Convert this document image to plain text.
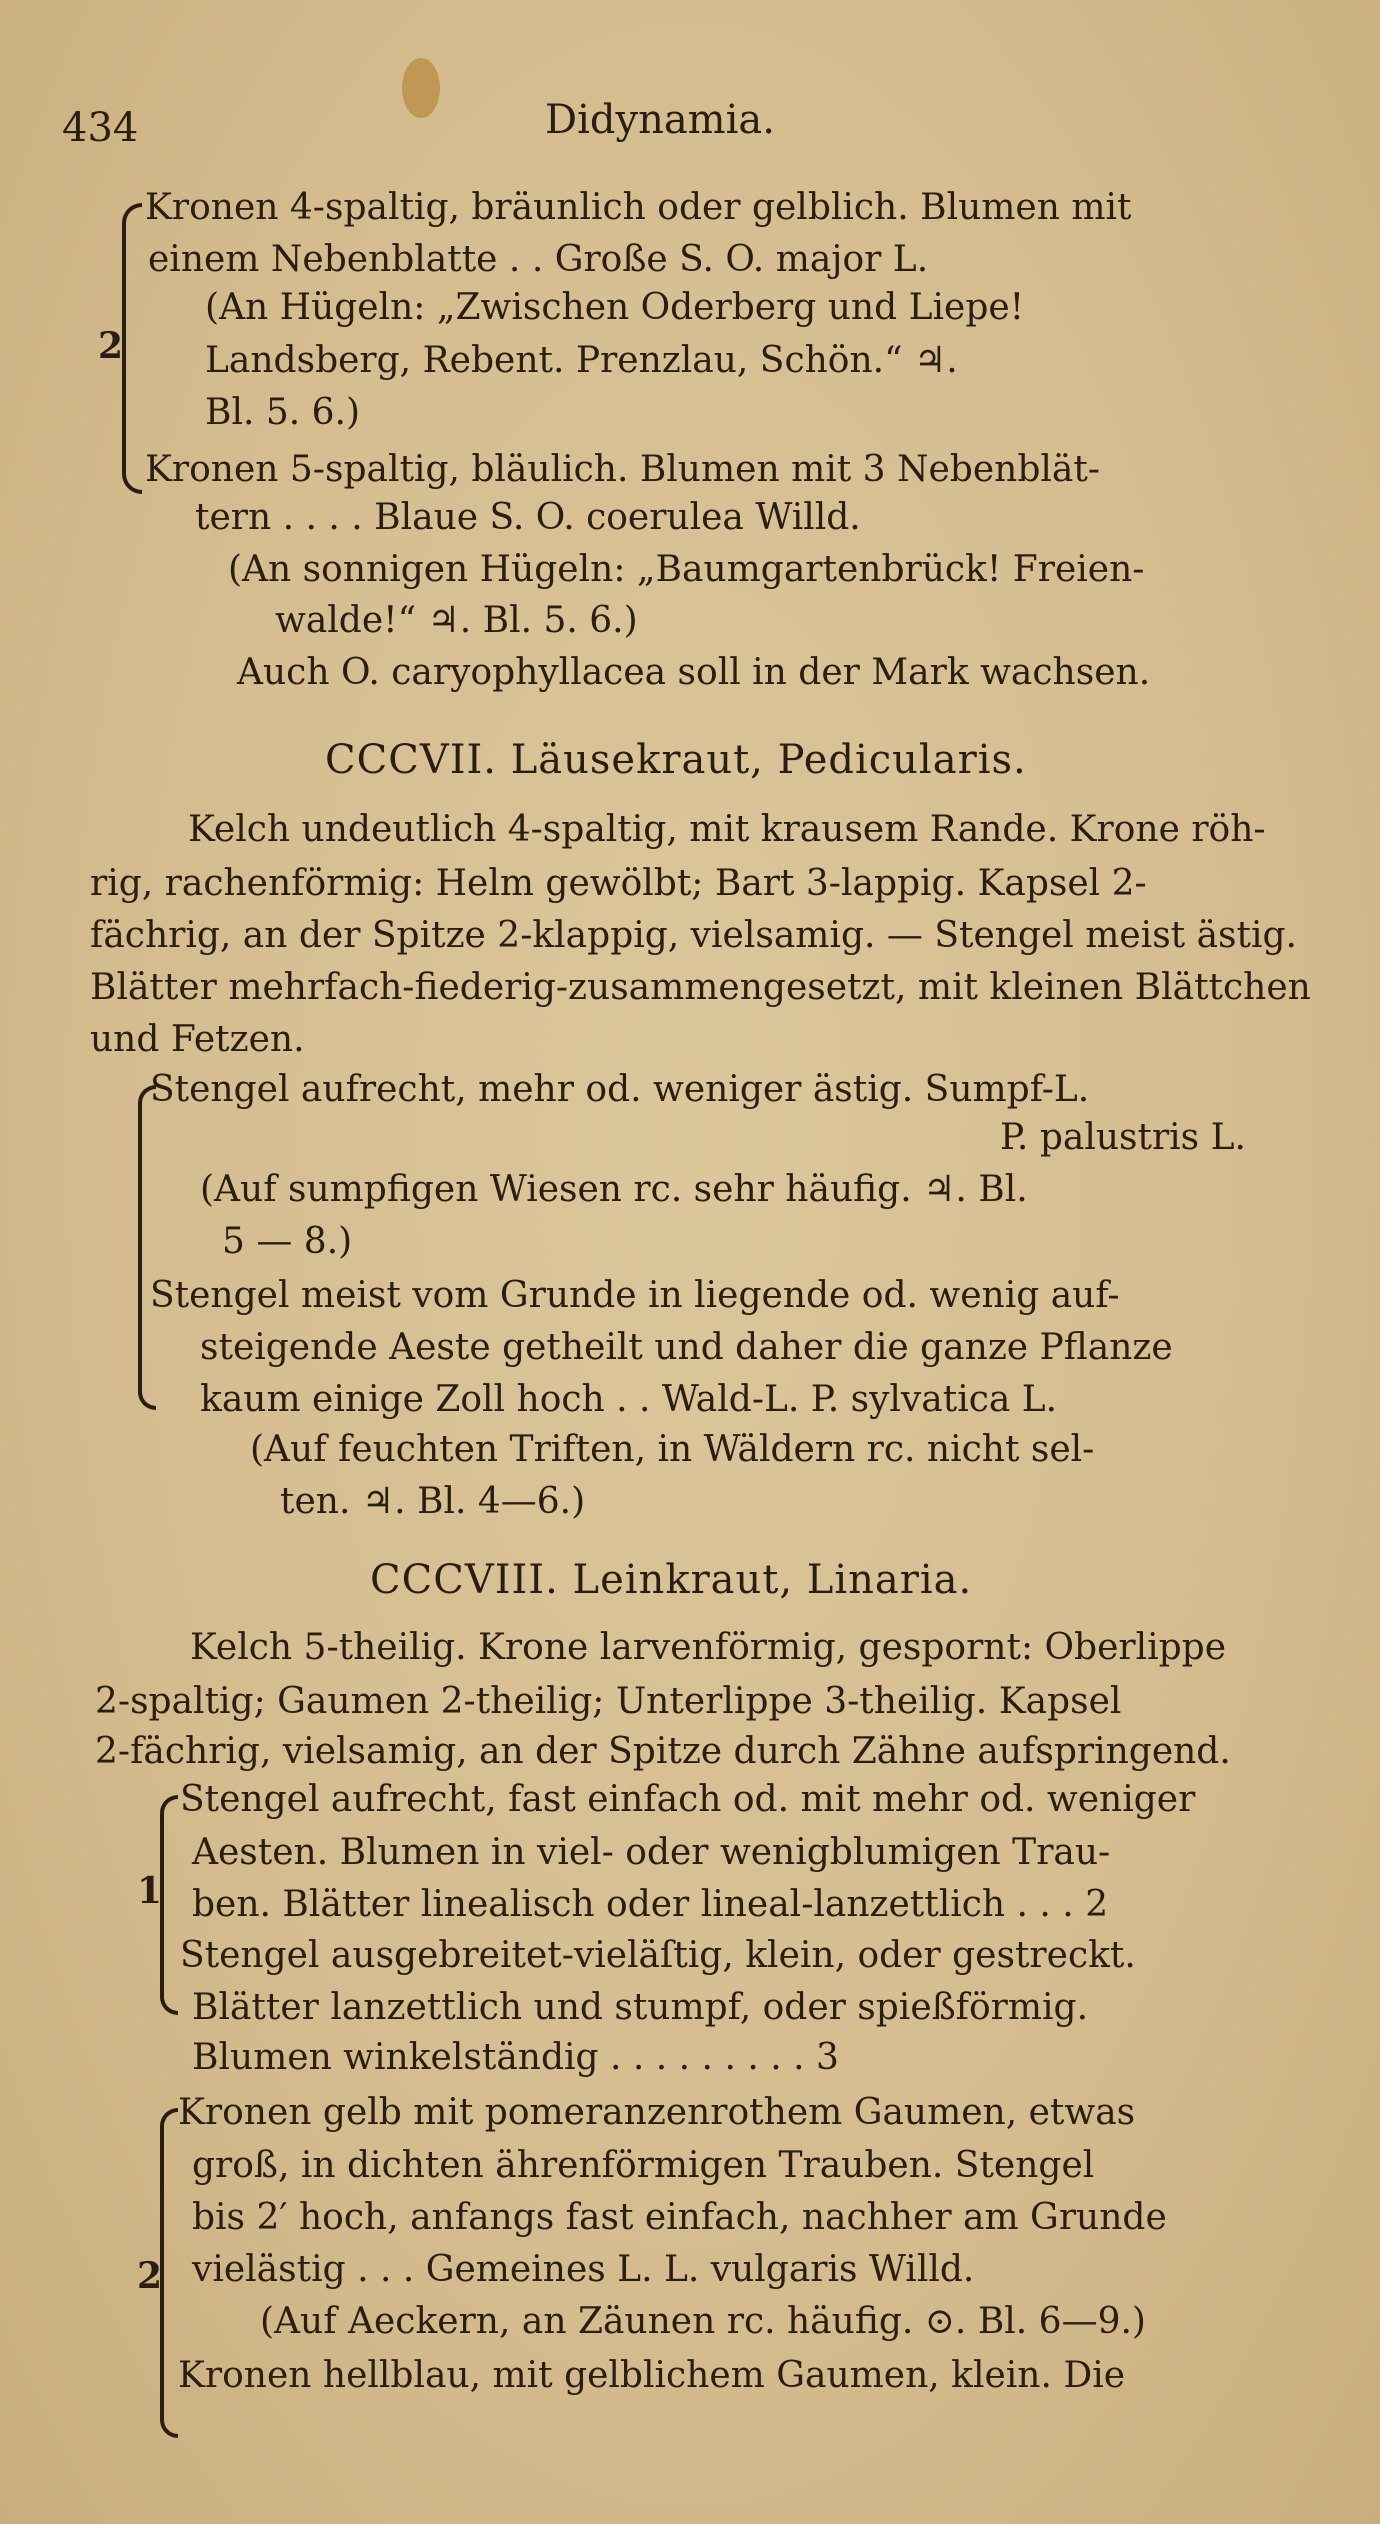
434	Didynamia.
2
Kronen 4-spaltig, bräunlich oder gelblich. Blumen mit
einem Nebenblatte . . Große S. O. major L.
(An Hügeln: „Zwischen Oderberg und Liepe!
Landsberg, Rebent. Prenzlau, Schön.“ ♃.
Bl. 5. 6.)
Kronen 5-spaltig, bläulich. Blumen mit 3 Nebenblät-
tern . . . . Blaue S. O. coerulea Willd.
(An sonnigen Hügeln: „Baumgartenbrück! Freien-
walde!“ ♃. Bl. 5. 6.)
Auch O. caryophyllacea soll in der Mark wachsen.
CCCVII. Läusekraut, Pedicularis.
Kelch undeutlich 4-spaltig, mit krausem Rande. Krone röh-
rig, rachenförmig: Helm gewölbt; Bart 3-lappig. Kapsel 2-
fächrig, an der Spitze 2-klappig, vielsamig. — Stengel meist ästig.
Blätter mehrfach-fiederig-zusammengesetzt, mit kleinen Blättchen
und Fetzen.
Stengel aufrecht, mehr od. weniger ästig. Sumpf-L.
P. palustris L.
(Auf sumpfigen Wiesen rc. sehr häufig. ♃. Bl.
5 — 8.)
Stengel meist vom Grunde in liegende od. wenig auf-
steigende Aeste getheilt und daher die ganze Pflanze
kaum einige Zoll hoch . . Wald-L. P. sylvatica L.
(Auf feuchten Triften, in Wäldern rc. nicht sel-
ten. ♃. Bl. 4—6.)
CCCVIII. Leinkraut, Linaria.
Kelch 5-theilig. Krone larvenförmig, gespornt: Oberlippe
2-spaltig; Gaumen 2-theilig; Unterlippe 3-theilig. Kapsel
2-fächrig, vielsamig, an der Spitze durch Zähne aufspringend.
1
Stengel aufrecht, fast einfach od. mit mehr od. weniger
Aesten. Blumen in viel- oder wenigblumigen Trau-
ben. Blätter linealisch oder lineal-lanzettlich . . . 2
Stengel ausgebreitet-vieläſtig, klein, oder gestreckt.
Blätter lanzettlich und stumpf, oder spießförmig.
Blumen winkelständig . . . . . . . . . 3
2
Kronen gelb mit pomeranzenrothem Gaumen, etwas
groß, in dichten ährenförmigen Trauben. Stengel
bis 2′ hoch, anfangs fast einfach, nachher am Grunde
vielästig . . . Gemeines L. L. vulgaris Willd.
(Auf Aeckern, an Zäunen rc. häufig. ⊙. Bl. 6—9.)
Kronen hellblau, mit gelblichem Gaumen, klein. Die
